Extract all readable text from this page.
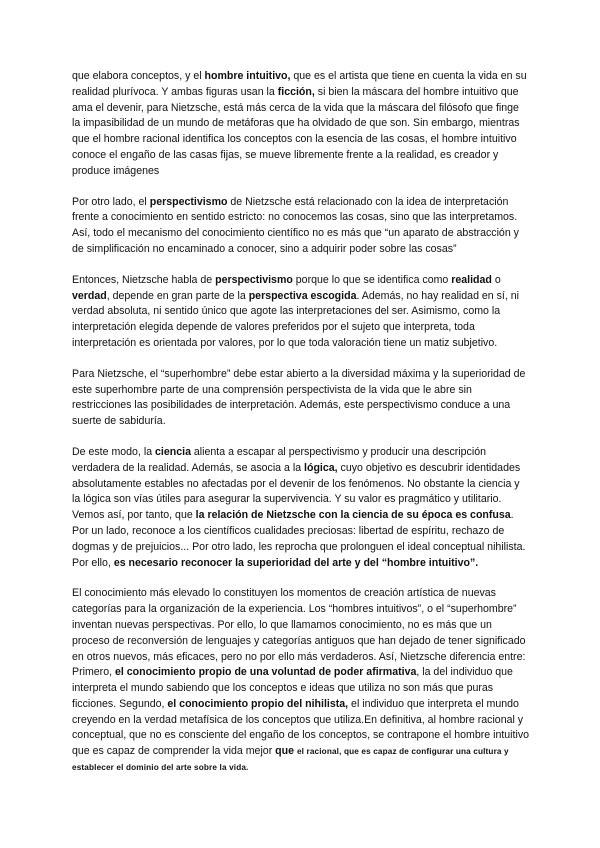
que elabora conceptos, y el hombre intuitivo, que es el artista que tiene en cuenta la vida en su realidad plurívoca. Y ambas figuras usan la ficción, si bien la máscara del hombre intuitivo que ama el devenir, para Nietzsche, está más cerca de la vida que la máscara del filósofo que finge la impasibilidad de un mundo de metáforas que ha olvidado de que son. Sin embargo, mientras que el hombre racional identifica los conceptos con la esencia de las cosas, el hombre intuitivo conoce el engaño de las casas fijas, se mueve libremente frente a la realidad, es creador y produce imágenes

Por otro lado, el perspectivismo de Nietzsche está relacionado con la idea de interpretación frente a conocimiento en sentido estricto: no conocemos las cosas, sino que las interpretamos. Así, todo el mecanismo del conocimiento científico no es más que “un aparato de abstracción y de simplificación no encaminado a conocer, sino a adquirir poder sobre las cosas”

Entonces, Nietzsche habla de perspectivismo porque lo que se identifica como realidad o verdad, depende en gran parte de la perspectiva escogida. Además, no hay realidad en sí, ni verdad absoluta, ni sentido único que agote las interpretaciones del ser. Asimismo, como la interpretación elegida depende de valores preferidos por el sujeto que interpreta, toda interpretación es orientada por valores, por lo que toda valoración tiene un matiz subjetivo.

Para Nietzsche, el “superhombre” debe estar abierto a la diversidad máxima y la superioridad de este superhombre parte de una comprensión perspectivista de la vida que le abre sin restricciones las posibilidades de interpretación. Además, este perspectivismo conduce a una suerte de sabiduría.

De este modo, la ciencia alienta a escapar al perspectivismo y producir una descripción verdadera de la realidad. Además, se asocia a la lógica, cuyo objetivo es descubrir identidades absolutamente estables no afectadas por el devenir de los fenómenos. No obstante la ciencia y la lógica son vías útiles para asegurar la supervivencia. Y su valor es pragmático y utilitario. Vemos así, por tanto, que la relación de Nietzsche con la ciencia de su época es confusa. Por un lado, reconoce a los científicos cualidades preciosas: libertad de espíritu, rechazo de dogmas y de prejuicios... Por otro lado, les reprocha que prolonguen el ideal conceptual nihilista. Por ello, es necesario reconocer la superioridad del arte y del “hombre intuitivo”.

El conocimiento más elevado lo constituyen los momentos de creación artística de nuevas categorías para la organización de la experiencia. Los “hombres intuitivos”, o el “superhombre” inventan nuevas perspectivas. Por ello, lo que llamamos conocimiento, no es más que un proceso de reconversión de lenguajes y categorías antiguos que han dejado de tener significado en otros nuevos, más eficaces, pero no por ello más verdaderos. Así, Nietzsche diferencia entre: Primero, el conocimiento propio de una voluntad de poder afirmativa, la del individuo que interpreta el mundo sabiendo que los conceptos e ideas que utiliza no son más que puras ficciones. Segundo, el conocimiento propio del nihilista, el individuo que interpreta el mundo creyendo en la verdad metafísica de los conceptos que utiliza.En definitiva, al hombre racional y conceptual, que no es consciente del engaño de los conceptos, se contrapone el hombre intuitivo que es capaz de comprender la vida mejor que el racional, que es capaz de configurar una cultura y establecer el dominio del arte sobre la vida.
